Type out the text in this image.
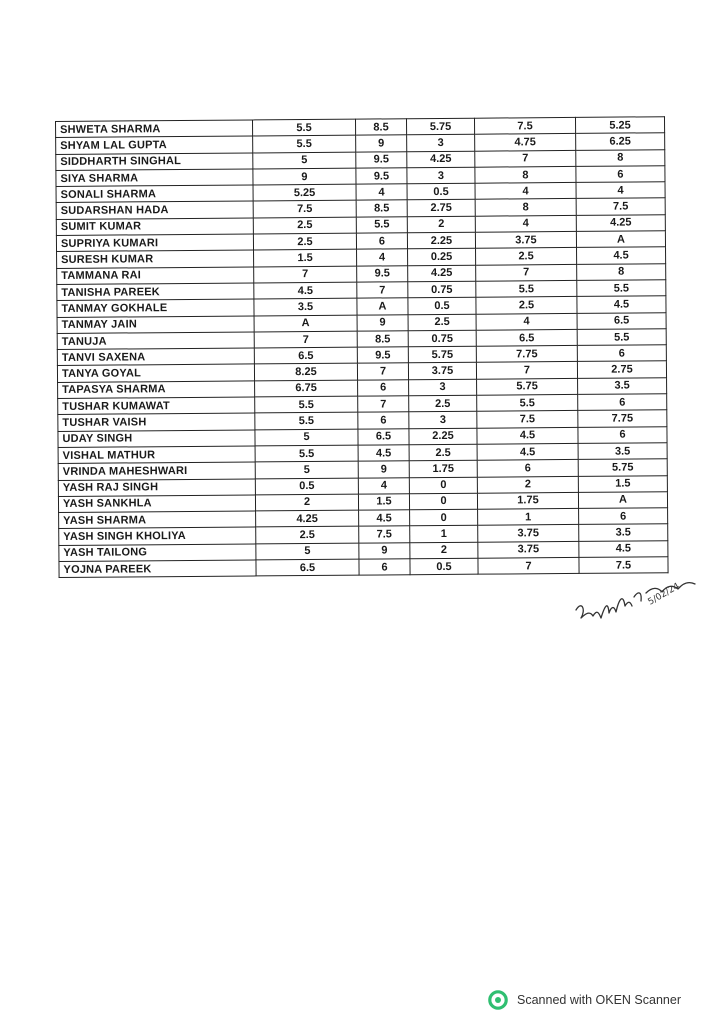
SHWETA SHARMA	5.5	8.5	5.75	7.5	5.25
SHYAM LAL GUPTA	5.5	9	3	4.75	6.25
SIDDHARTH SINGHAL	5	9.5	4.25	7	8
SIYA SHARMA	9	9.5	3	8	6
SONALI SHARMA	5.25	4	0.5	4	4
SUDARSHAN HADA	7.5	8.5	2.75	8	7.5
SUMIT KUMAR	2.5	5.5	2	4	4.25
SUPRIYA KUMARI	2.5	6	2.25	3.75	A
SURESH KUMAR	1.5	4	0.25	2.5	4.5
TAMMANA RAI	7	9.5	4.25	7	8
TANISHA PAREEK	4.5	7	0.75	5.5	5.5
TANMAY GOKHALE	3.5	A	0.5	2.5	4.5
TANMAY JAIN	A	9	2.5	4	6.5
TANUJA	7	8.5	0.75	6.5	5.5
TANVI SAXENA	6.5	9.5	5.75	7.75	6
TANYA GOYAL	8.25	7	3.75	7	2.75
TAPASYA SHARMA	6.75	6	3	5.75	3.5
TUSHAR KUMAWAT	5.5	7	2.5	5.5	6
TUSHAR VAISH	5.5	6	3	7.5	7.75
UDAY SINGH	5	6.5	2.25	4.5	6
VISHAL MATHUR	5.5	4.5	2.5	4.5	3.5
VRINDA MAHESHWARI	5	9	1.75	6	5.75
YASH RAJ SINGH	0.5	4	0	2	1.5
YASH SANKHLA	2	1.5	0	1.75	A
YASH SHARMA	4.25	4.5	0	1	6
YASH SINGH KHOLIYA	2.5	7.5	1	3.75	3.5
YASH TAILONG	5	9	2	3.75	4.5
YOJNA PAREEK	6.5	6	0.5	7	7.5
5/02/24
Scanned with OKEN Scanner
